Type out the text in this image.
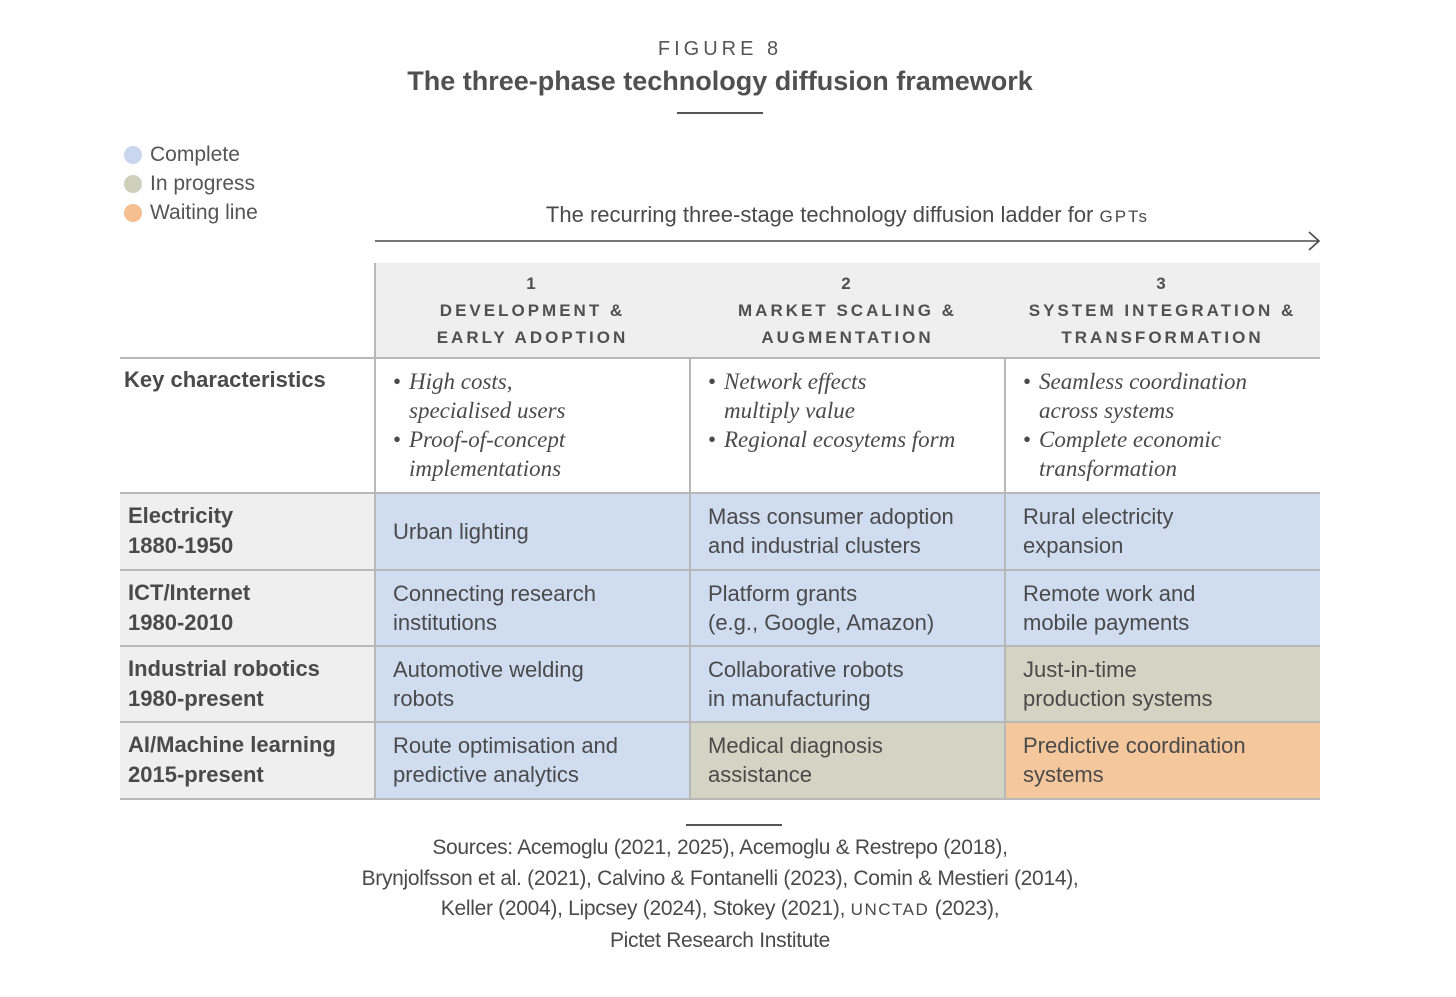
FIGURE 8
The three-phase technology diffusion framework
Complete
In progress
Waiting line	The recurring three-stage technology diffusion ladder for GPTs
1
DEVELOPMENT &
EARLY ADOPTION
2
MARKET SCALING &
AUGMENTATION
3
SYSTEM INTEGRATION &
TRANSFORMATION
Key characteristics
•	High costs,
specialised users
• Proof-of-concept
implementations
• Network effects
multiply value
• Regional ecosytems form
• Seamless coordination
across systems
• Complete economic
transformation
Electricity
1880-1950
Urban lighting
Mass consumer adoption
and industrial clusters
Rural electricity
expansion
ICT/Internet
1980-2010
Connecting research
institutions
Platform grants
(e.g., Google, Amazon)
Remote work and
mobile payments
Industrial robotics
1980-present
Automotive welding
robots
Collaborative robots
in manufacturing
Just-in-time
production systems
AI/Machine learning
2015-present
Route optimisation and
predictive analytics
Medical diagnosis
assistance
Predictive coordination
systems
Sources: Acemoglu (2021, 2025), Acemoglu & Restrepo (2018),
Brynjolfsson et al. (2021), Calvino & Fontanelli (2023), Comin & Mestieri (2014),
Keller (2004), Lipcsey (2024), Stokey (2021), UNCTAD (2023),
Pictet Research Institute
